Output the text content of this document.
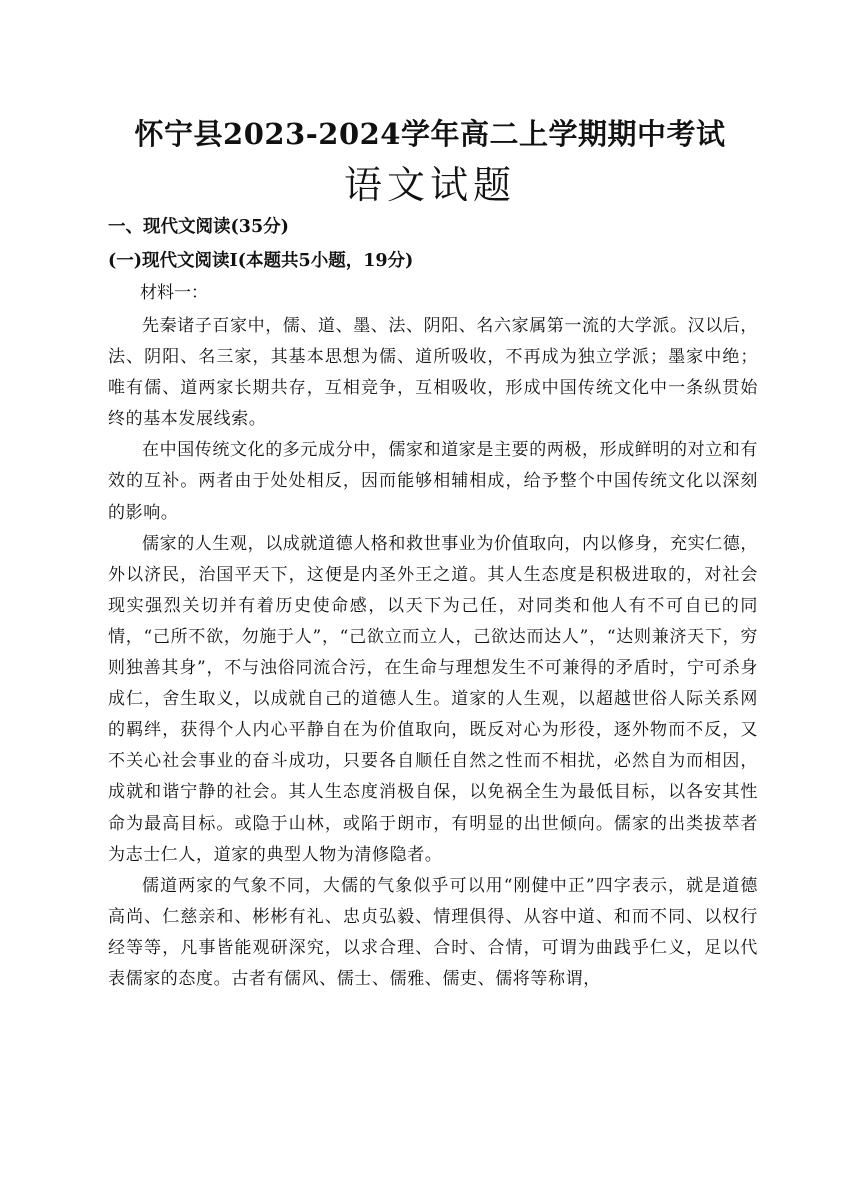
怀宁县2023-2024学年高二上学期期中考试
语文试题
一、现代文阅读(35分)
(一)现代文阅读Ⅰ(本题共5小题，19分)
材料一：

先秦诸子百家中，儒、道、墨、法、阴阳、名六家属第一流的大学派。汉以后，法、阴阳、名三家，其基本思想为儒、道所吸收，不再成为独立学派；墨家中绝；唯有儒、道两家长期共存，互相竞争，互相吸收，形成中国传统文化中一条纵贯始终的基本发展线索。

在中国传统文化的多元成分中，儒家和道家是主要的两极，形成鲜明的对立和有效的互补。两者由于处处相反，因而能够相辅相成，给予整个中国传统文化以深刻的影响。

儒家的人生观，以成就道德人格和救世事业为价值取向，内以修身，充实仁德，外以济民，治国平天下，这便是内圣外王之道。其人生态度是积极进取的，对社会现实强烈关切并有着历史使命感，以天下为己任，对同类和他人有不可自已的同情，“己所不欲，勿施于人”，“己欲立而立人，己欲达而达人”，“达则兼济天下，穷则独善其身”，不与浊俗同流合污，在生命与理想发生不可兼得的矛盾时，宁可杀身成仁，舍生取义，以成就自己的道德人生。道家的人生观，以超越世俗人际关系网的羁绊，获得个人内心平静自在为价值取向，既反对心为形役，逐外物而不反，又不关心社会事业的奋斗成功，只要各自顺任自然之性而不相扰，必然自为而相因，成就和谐宁静的社会。其人生态度消极自保，以免祸全生为最低目标，以各安其性命为最高目标。或隐于山林，或陷于朗市，有明显的出世倾向。儒家的出类拔萃者为志士仁人，道家的典型人物为清修隐者。

儒道两家的气象不同，大儒的气象似乎可以用“刚健中正”四字表示，就是道德高尚、仁慈亲和、彬彬有礼、忠贞弘毅、情理俱得、从容中道、和而不同、以权行经等等，凡事皆能观研深究，以求合理、合时、合情，可谓为曲践乎仁义，足以代表儒家的态度。古者有儒风、儒士、儒雅、儒吏、儒将等称谓，
